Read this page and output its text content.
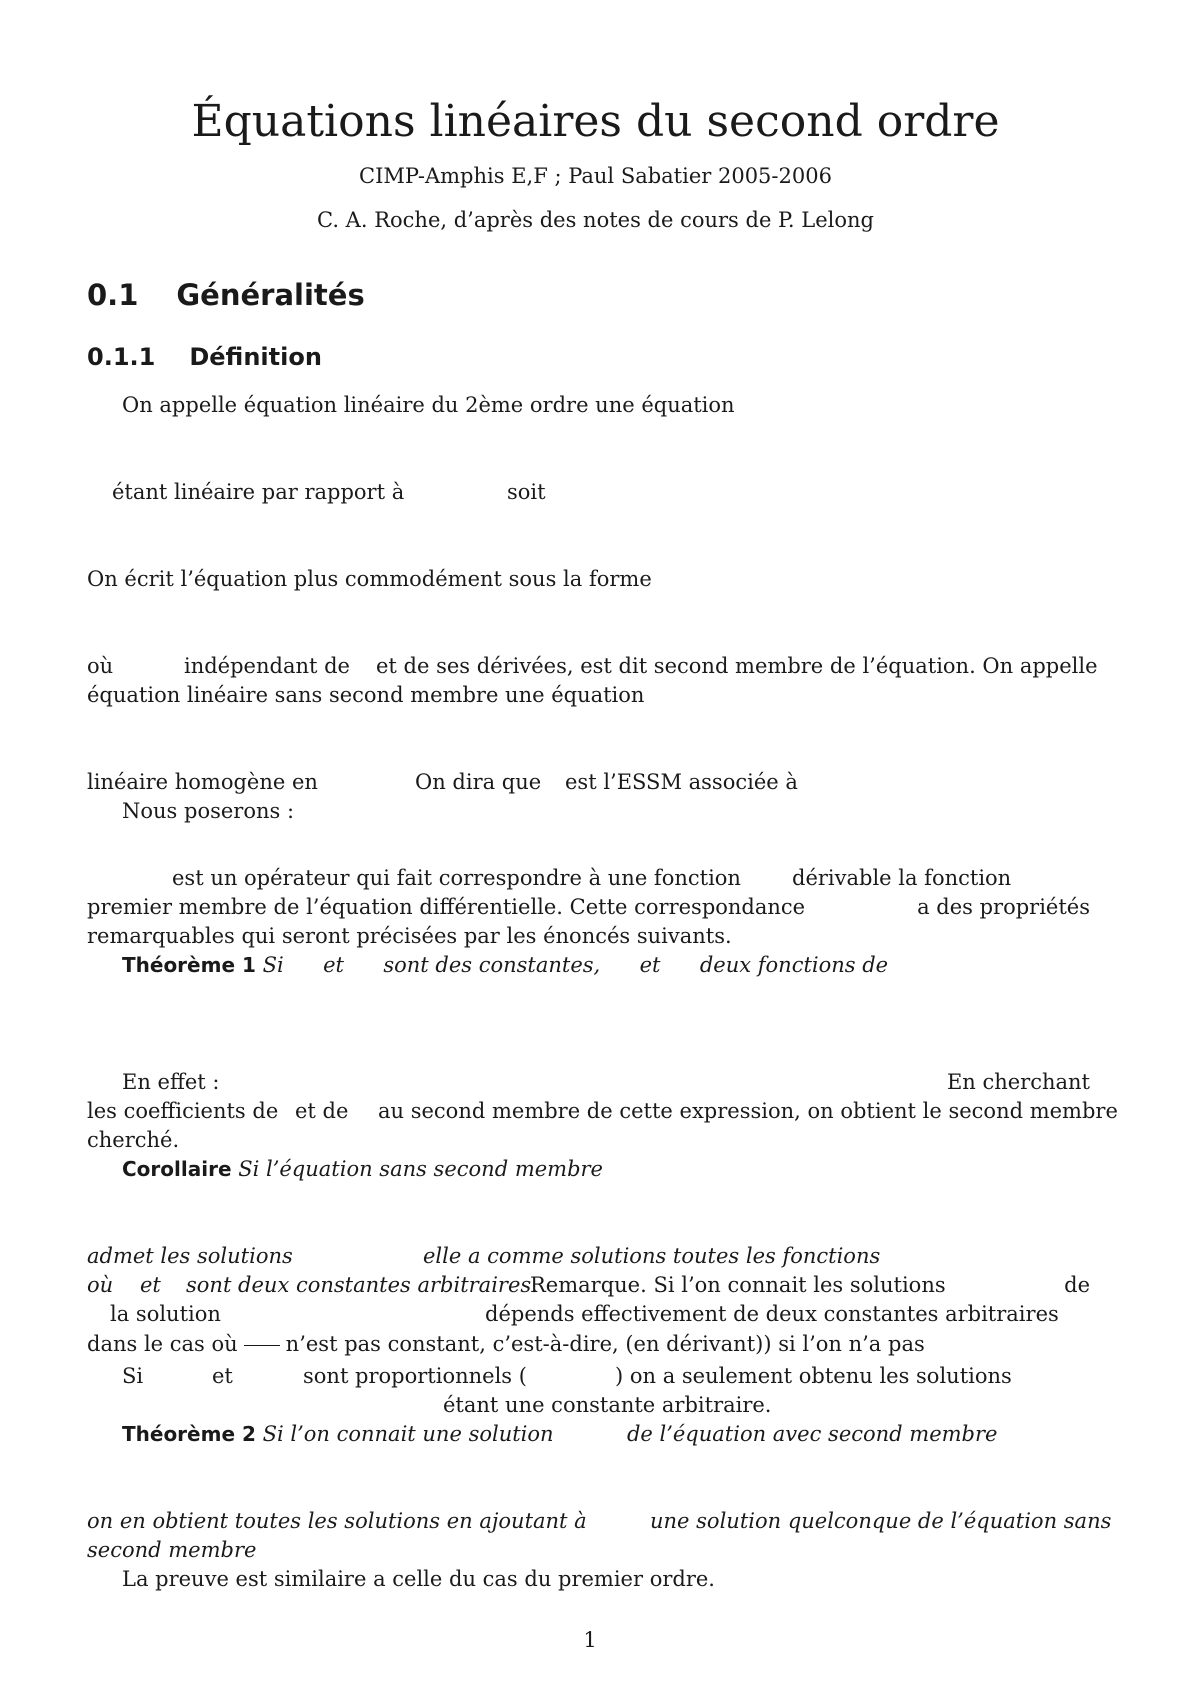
Équations linéaires du second ordre
CIMP-Amphis E,F ; Paul Sabatier 2005-2006
C. A. Roche, d’après des notes de cours de P. Lelong
0.1 Généralités
0.1.1 Définition
On appelle équation linéaire du 2ème ordre une équation
étant linéaire par rapport à	soit
On écrit l’équation plus commodément sous la forme
où	indépendant de et de ses dérivées, est dit second membre de l’équation. On appelle
équation linéaire sans second membre une équation
linéaire homogène en	On dira que est l’ESSM associée à
Nous poserons :
est un opérateur qui fait correspondre à une fonction dérivable la fonction
premier membre de l’équation différentielle. Cette correspondance	a des propriétés
remarquables qui seront précisées par les énoncés suivants.
Théorème 1 Si et sont des constantes, et deux fonctions de
En effet :	En cherchant
les coefficients de et de au second membre de cette expression, on obtient le second membre
cherché.
Corollaire Si l’équation sans second membre
admet les solutions	elle a comme solutions toutes les fonctions
où et sont deux constantes arbitraires.
Remarque. Si l’on connait les solutions	de
la solution	dépends effectivement de deux constantes arbitraires
dans le cas où n’est pas constant, c’est-à-dire, (en dérivant)) si l’on n’a pas
Si	et	sont proportionnels (	) on a seulement obtenu les solutions
étant une constante arbitraire.
Théorème 2 Si l’on connait une solution	de l’équation avec second membre
on en obtient toutes les solutions en ajoutant à	une solution quelconque de l’équation sans
second membre
La preuve est similaire a celle du cas du premier ordre.
1
